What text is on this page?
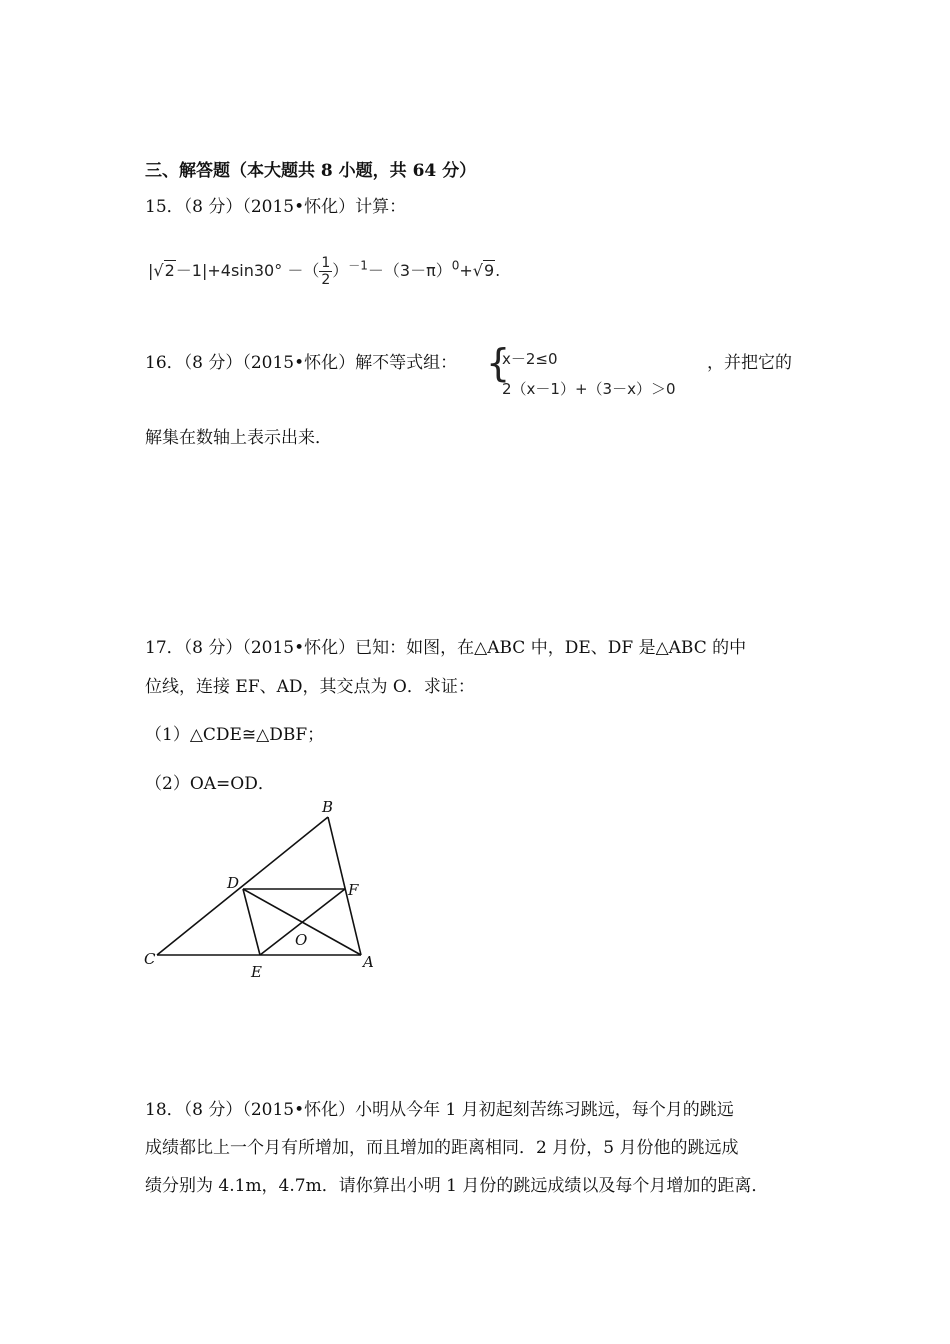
三、解答题（本大题共 8 小题，共 64 分）
15．（8 分）（2015•怀化）计算：
|√2－1|+4sin30° －（ $\frac{1}{2} )^{-1}-(3-\pi)^0+√9$.
16．（8 分）（2015•怀化）解不等式组： {
x－2≤0
2（x－1）+（3－x）＞0
，并把它的
解集在数轴上表示出来．
17．（8 分）（2015•怀化）已知：如图，在△ABC 中，DE、DF 是△ABC 的中
位线，连接 EF、AD，其交点为 O．求证：
（1）△CDE≅△DBF；
（2）OA=OD．
B
D	F
O
C
E
A
18．（8 分）（2015•怀化）小明从今年 1 月初起刻苦练习跳远，每个月的跳远
成绩都比上一个月有所增加，而且增加的距离相同．2 月份，5 月份他的跳远成
绩分别为 4.1m，4.7m．请你算出小明 1 月份的跳远成绩以及每个月增加的距离．
